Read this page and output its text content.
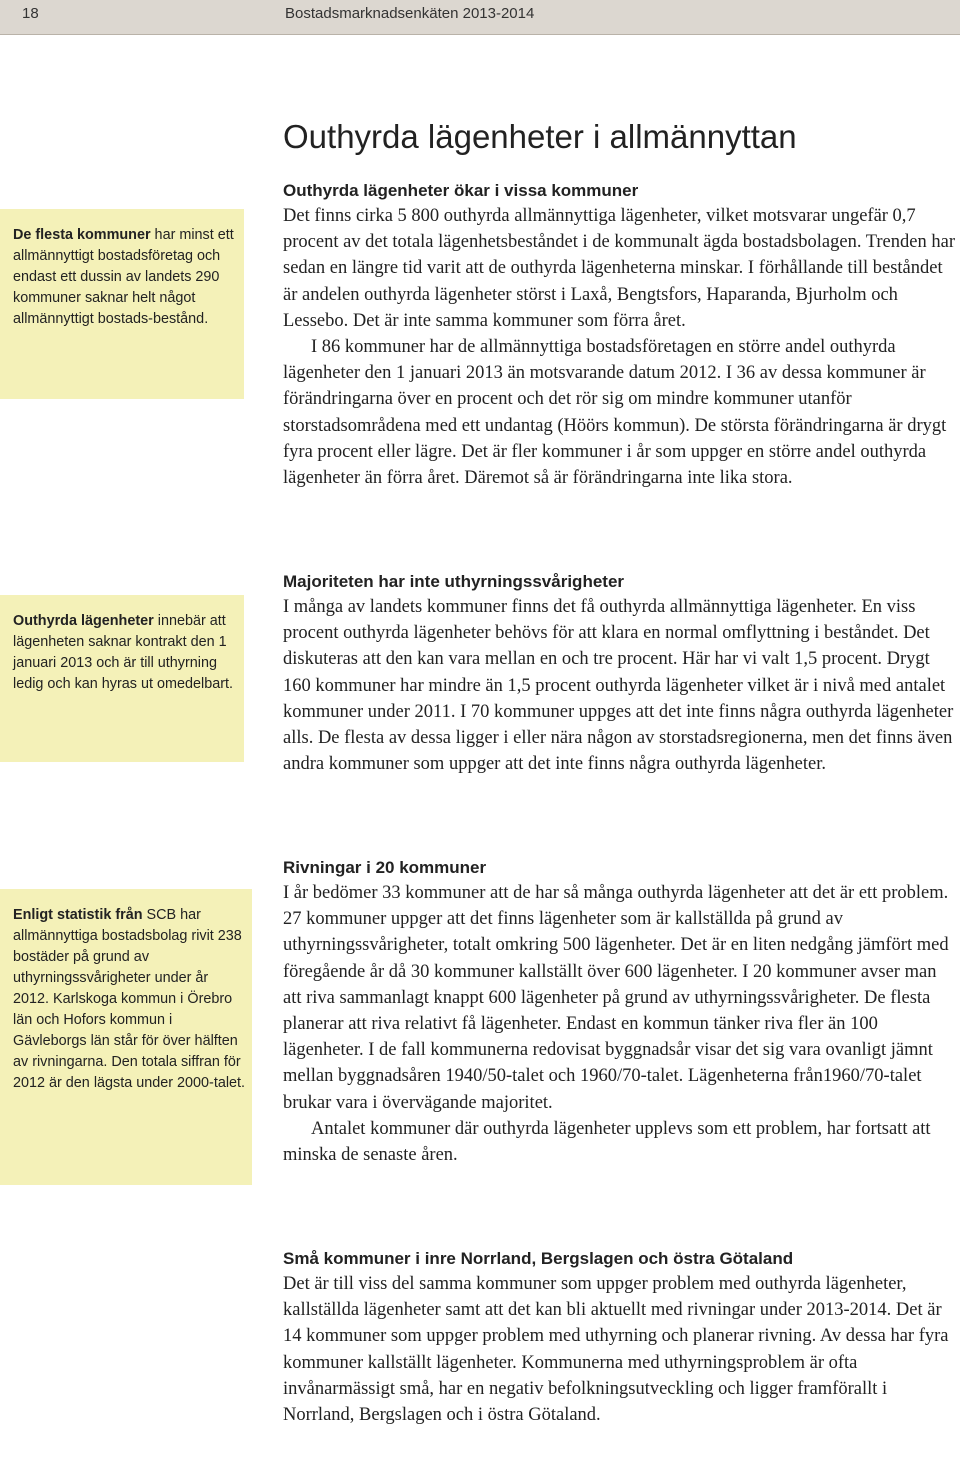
18	Bostadsmarknadsenkäten 2013-2014
Outhyrda lägenheter i allmännyttan
De flesta kommuner har minst ett allmännyttigt bostadsföretag och endast ett dussin av landets 290 kommuner saknar helt något allmännyttigt bostads-bestånd.
Outhyrda lägenheter innebär att lägenheten saknar kontrakt den 1 januari 2013 och är till uthyrning ledig och kan hyras ut omedelbart.
Enligt statistik från SCB har allmännyttiga bostadsbolag rivit 238 bostäder på grund av uthyrningssvårigheter under år 2012. Karlskoga kommun i Örebro län och Hofors kommun i Gävleborgs län står för över hälften av rivningarna. Den totala siffran för 2012 är den lägsta under 2000-talet.
Outhyrda lägenheter ökar i vissa kommuner

Det finns cirka 5 800 outhyrda allmännyttiga lägenheter, vilket motsvarar ungefär 0,7 procent av det totala lägenhetsbeståndet i de kommunalt ägda bostadsbolagen. Trenden har sedan en längre tid varit att de outhyrda lägenheterna minskar. I förhållande till beståndet är andelen outhyrda lägenheter störst i Laxå, Bengtsfors, Haparanda, Bjurholm och Lessebo. Det är inte samma kommuner som förra året.

I 86 kommuner har de allmännyttiga bostadsföretagen en större andel outhyrda lägenheter den 1 januari 2013 än motsvarande datum 2012. I 36 av dessa kommuner är förändringarna över en procent och det rör sig om mindre kommuner utanför storstadsområdena med ett undantag (Höörs kommun). De största förändringarna är drygt fyra procent eller lägre. Det är fler kommuner i år som uppger en större andel outhyrda lägenheter än förra året. Däremot så är förändringarna inte lika stora.

Majoriteten har inte uthyrningssvårigheter

I många av landets kommuner finns det få outhyrda allmännyttiga lägenheter. En viss procent outhyrda lägenheter behövs för att klara en normal omflyttning i beståndet. Det diskuteras att den kan vara mellan en och tre procent. Här har vi valt 1,5 procent. Drygt 160 kommuner har mindre än 1,5 procent outhyrda lägenheter vilket är i nivå med antalet kommuner under 2011. I 70 kommuner uppges att det inte finns några outhyrda lägenheter alls. De flesta av dessa ligger i eller nära någon av storstadsregionerna, men det finns även andra kommuner som uppger att det inte finns några outhyrda lägenheter.

Rivningar i 20 kommuner

I år bedömer 33 kommuner att de har så många outhyrda lägenheter att det är ett problem. 27 kommuner uppger att det finns lägenheter som är kallställda på grund av uthyrningssvårigheter, totalt omkring 500 lägenheter. Det är en liten nedgång jämfört med föregående år då 30 kommuner kallställt över 600 lägenheter. I 20 kommuner avser man att riva sammanlagt knappt 600 lägenheter på grund av uthyrningssvårigheter. De flesta planerar att riva relativt få lägenheter. Endast en kommun tänker riva fler än 100 lägenheter. I de fall kommunerna redovisat byggnadsår visar det sig vara ovanligt jämnt mellan byggnadsåren 1940/50-talet och 1960/70-talet. Lägenheterna från1960/70-talet brukar vara i övervägande majoritet.

Antalet kommuner där outhyrda lägenheter upplevs som ett problem, har fortsatt att minska de senaste åren.

Små kommuner i inre Norrland, Bergslagen och östra Götaland

Det är till viss del samma kommuner som uppger problem med outhyrda lägenheter, kallställda lägenheter samt att det kan bli aktuellt med rivningar under 2013-2014. Det är 14 kommuner som uppger problem med uthyrning och planerar rivning. Av dessa har fyra kommuner kallställt lägenheter. Kommunerna med uthyrningsproblem är ofta invånarmässigt små, har en negativ befolkningsutveckling och ligger framförallt i Norrland, Bergslagen och i östra Götaland.
